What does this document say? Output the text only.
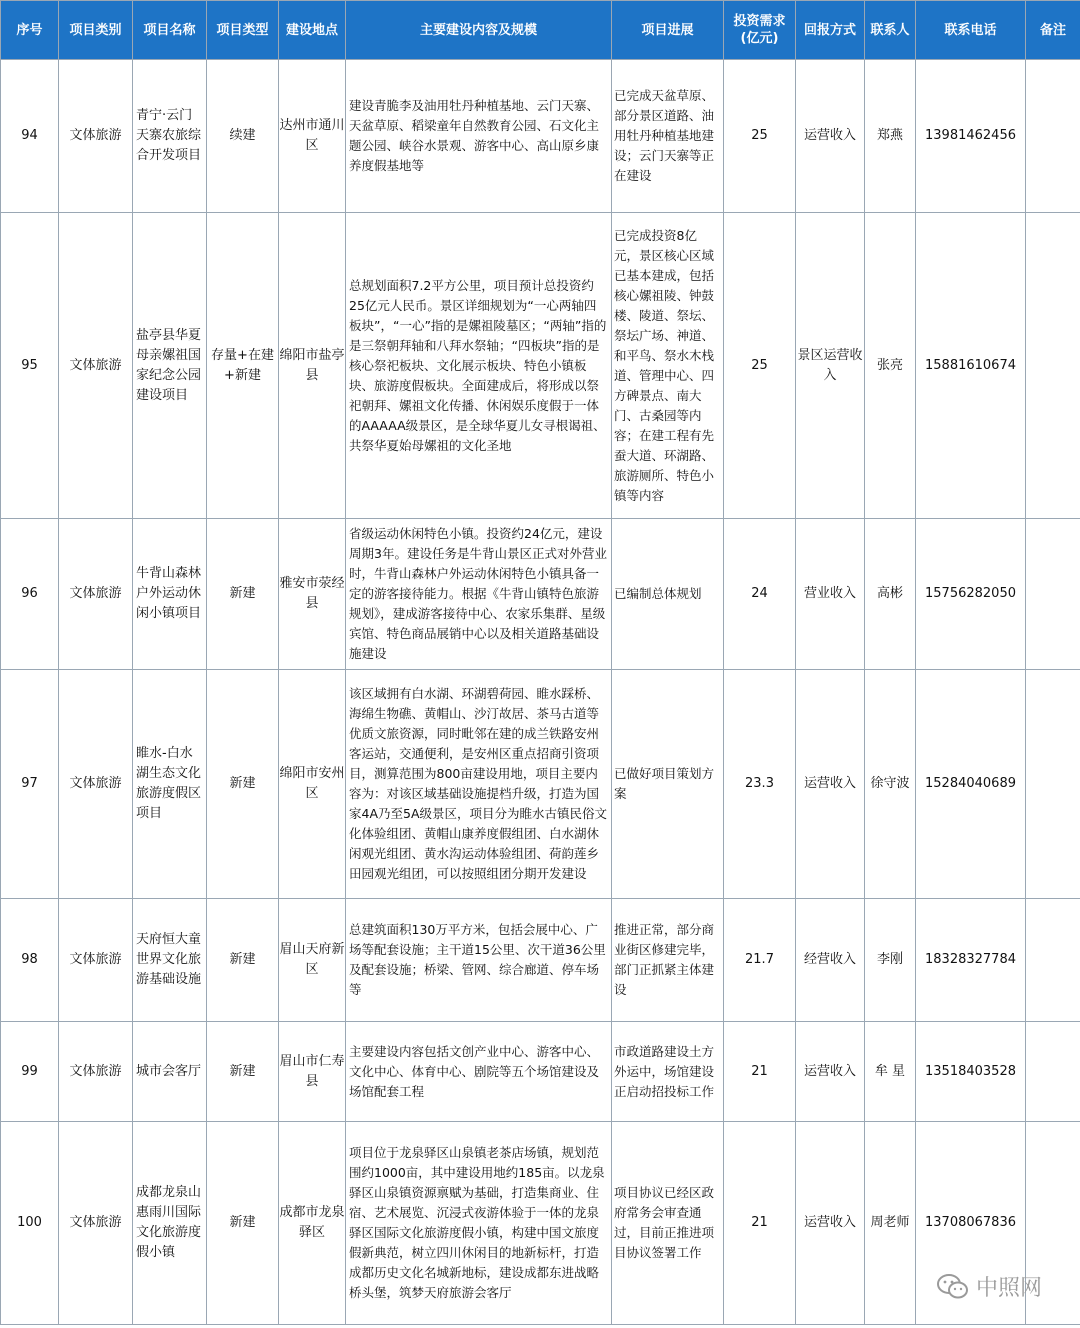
序号	项目类别	项目名称	项目类型	建设地点	主要建设内容及规模	项目进展	投资需求
(亿元)	回报方式	联系人	联系电话	备注
94	文体旅游	青宁·云门天寨农旅综合开发项目	续建	达州市通川区	建设青脆李及油用牡丹种植基地、云门天寨、天盆草原、稻梁童年自然教育公园、石文化主题公园、峡谷水景观、游客中心、高山原乡康养度假基地等	已完成天盆草原、部分景区道路、油用牡丹种植基地建设；云门天寨等正在建设	25	运营收入	郑燕	13981462456	
95	文体旅游	盐亭县华夏母亲嫘祖国家纪念公园建设项目	存量+在建+新建	绵阳市盐亭县	总规划面积7.2平方公里，项目预计总投资约25亿元人民币。景区详细规划为“一心两轴四板块”，“一心”指的是嫘祖陵墓区；“两轴”指的是三祭朝拜轴和八拜水祭轴；“四板块”指的是核心祭祀板块、文化展示板块、特色小镇板块、旅游度假板块。全面建成后，将形成以祭祀朝拜、嫘祖文化传播、休闲娱乐度假于一体的AAAAA级景区，是全球华夏儿女寻根谒祖、共祭华夏始母嫘祖的文化圣地	已完成投资8亿元，景区核心区域已基本建成，包括核心嫘祖陵、钟鼓楼、陵道、祭坛、祭坛广场、神道、和平鸟、祭水木栈道、管理中心、四方碑景点、南大门、古桑园等内容；在建工程有先蚕大道、环湖路、旅游厕所、特色小镇等内容	25	景区运营收入	张亮	15881610674	
96	文体旅游	牛背山森林户外运动休闲小镇项目	新建	雅安市荥经县	省级运动休闲特色小镇。投资约24亿元，建设周期3年。建设任务是牛背山景区正式对外营业时，牛背山森林户外运动休闲特色小镇具备一定的游客接待能力。根据《牛背山镇特色旅游规划》，建成游客接待中心、农家乐集群、星级宾馆、特色商品展销中心以及相关道路基础设施建设	已编制总体规划	24	营业收入	高彬	15756282050	
97	文体旅游	睢水-白水湖生态文化旅游度假区项目	新建	绵阳市安州区	该区域拥有白水湖、环湖碧荷园、睢水踩桥、海绵生物礁、黄帽山、沙汀故居、茶马古道等优质文旅资源，同时毗邻在建的成兰铁路安州客运站，交通便利，是安州区重点招商引资项目，测算范围为800亩建设用地，项目主要内容为：对该区域基础设施提档升级，打造为国家4A乃至5A级景区，项目分为睢水古镇民俗文化体验组团、黄帽山康养度假组团、白水湖休闲观光组团、黄水沟运动体验组团、荷韵莲乡田园观光组团，可以按照组团分期开发建设	已做好项目策划方案	23.3	运营收入	徐守波	15284040689	
98	文体旅游	天府恒大童世界文化旅游基础设施	新建	眉山天府新区	总建筑面积130万平方米，包括会展中心、广场等配套设施；主干道15公里、次干道36公里及配套设施；桥梁、管网、综合廊道、停车场等	推进正常，部分商业街区修建完毕，部门正抓紧主体建设	21.7	经营收入	李刚	18328327784	
99	文体旅游	城市会客厅	新建	眉山市仁寿县	主要建设内容包括文创产业中心、游客中心、文化中心、体育中心、剧院等五个场馆建设及场馆配套工程	市政道路建设土方外运中，场馆建设正启动招投标工作	21	运营收入	牟 星	13518403528	
100	文体旅游	成都龙泉山惠雨川国际文化旅游度假小镇	新建	成都市龙泉驿区	项目位于龙泉驿区山泉镇老茶店场镇，规划范围约1000亩，其中建设用地约185亩。以龙泉驿区山泉镇资源禀赋为基础，打造集商业、住宿、艺术展览、沉浸式夜游体验于一体的龙泉驿区国际文化旅游度假小镇，构建中国文旅度假新典范，树立四川休闲目的地新标杆，打造成都历史文化名城新地标，建设成都东进战略桥头堡，筑梦天府旅游会客厅	项目协议已经区政府常务会审查通过，目前正推进项目协议签署工作	21	运营收入	周老师	13708067836	
中照网
